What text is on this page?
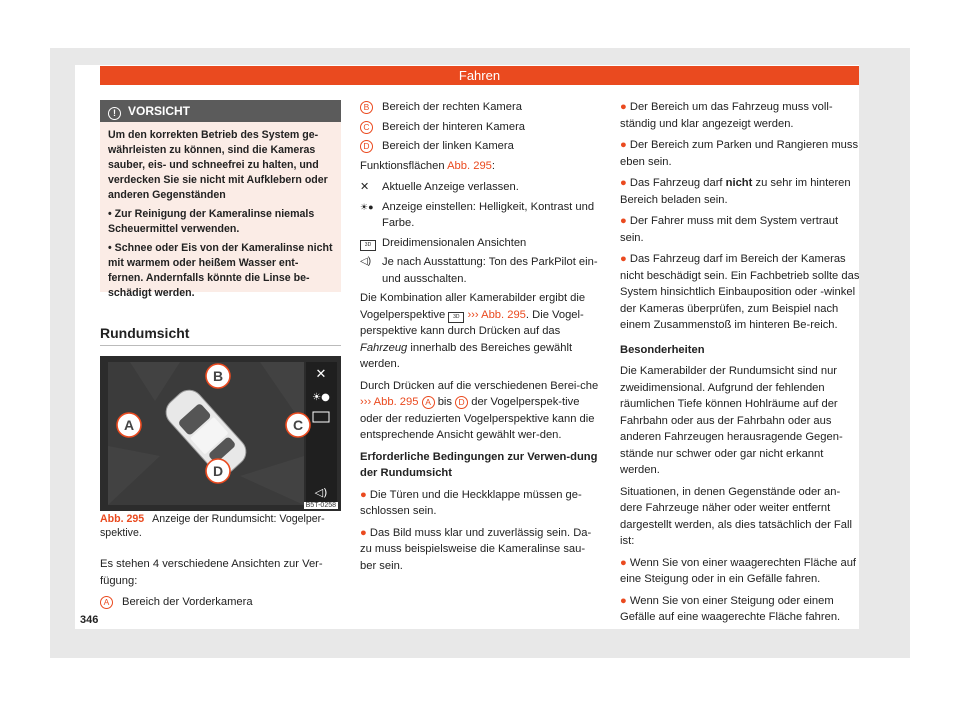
Fahren
! VORSICHT

Um den korrekten Betrieb des System ge-währleisten zu können, sind die Kameras sauber, eis- und schneefrei zu halten, und verdecken Sie sie nicht mit Aufklebern oder anderen Gegenständen

• Zur Reinigung der Kameralinse niemals Scheuermittel verwenden.

• Schnee oder Eis von der Kameralinse nicht mit warmem oder heißem Wasser ent-fernen. Andernfalls könnte die Linse be-schädigt werden.

Rundumsicht
✕
☀●
◁)
B
A	C
D
B5T-0258
Abb. 295 Anzeige der Rundumsicht: Vogelper-spektive.

Es stehen 4 verschiedene Ansichten zur Ver-fügung:

A	Bereich der Vorderkamera
B	Bereich der rechten Kamera
C	Bereich der hinteren Kamera
D	Bereich der linken Kamera

Funktionsflächen Abb. 295:

✕	Aktuelle Anzeige verlassen.
☀● Anzeige einstellen: Helligkeit, Kontrast und Farbe.
3D Dreidimensionalen Ansichten
◁) Je nach Ausstattung: Ton des ParkPilot ein- und ausschalten.

Die Kombination aller Kamerabilder ergibt die Vogelperspektive 3D ››› Abb. 295. Die Vogel-perspektive kann durch Drücken auf das Fahrzeug innerhalb des Bereiches gewählt werden.

Durch Drücken auf die verschiedenen Berei-che ››› Abb. 295 A bis D der Vogelperspek-tive oder der reduzierten Vogelperspektive kann die entsprechende Ansicht gewählt wer-den.

Erforderliche Bedingungen zur Verwen-dung der Rundumsicht

● Die Türen und die Heckklappe müssen ge-schlossen sein.

● Das Bild muss klar und zuverlässig sein. Da-zu muss beispielsweise die Kameralinse sau-ber sein.

● Der Bereich um das Fahrzeug muss voll-ständig und klar angezeigt werden.

● Der Bereich zum Parken und Rangieren muss eben sein.

● Das Fahrzeug darf nicht zu sehr im hinteren Bereich beladen sein.

● Der Fahrer muss mit dem System vertraut sein.

● Das Fahrzeug darf im Bereich der Kameras nicht beschädigt sein. Ein Fachbetrieb sollte das System hinsichtlich Einbauposition oder -winkel der Kameras überprüfen, zum Beispiel nach einem Zusammenstoß im hinteren Be-reich.

Besonderheiten

Die Kamerabilder der Rundumsicht sind nur zweidimensional. Aufgrund der fehlenden räumlichen Tiefe können Hohlräume auf der Fahrbahn oder aus der Fahrbahn oder aus anderen Fahrzeugen herausragende Gegen-stände nur schwer oder gar nicht erkannt werden.

Situationen, in denen Gegenstände oder an-dere Fahrzeuge näher oder weiter entfernt dargestellt werden, als dies tatsächlich der Fall ist:

● Wenn Sie von einer waagerechten Fläche auf eine Steigung oder in ein Gefälle fahren.

● Wenn Sie von einer Steigung oder einem Gefälle auf eine waagerechte Fläche fahren.

346
